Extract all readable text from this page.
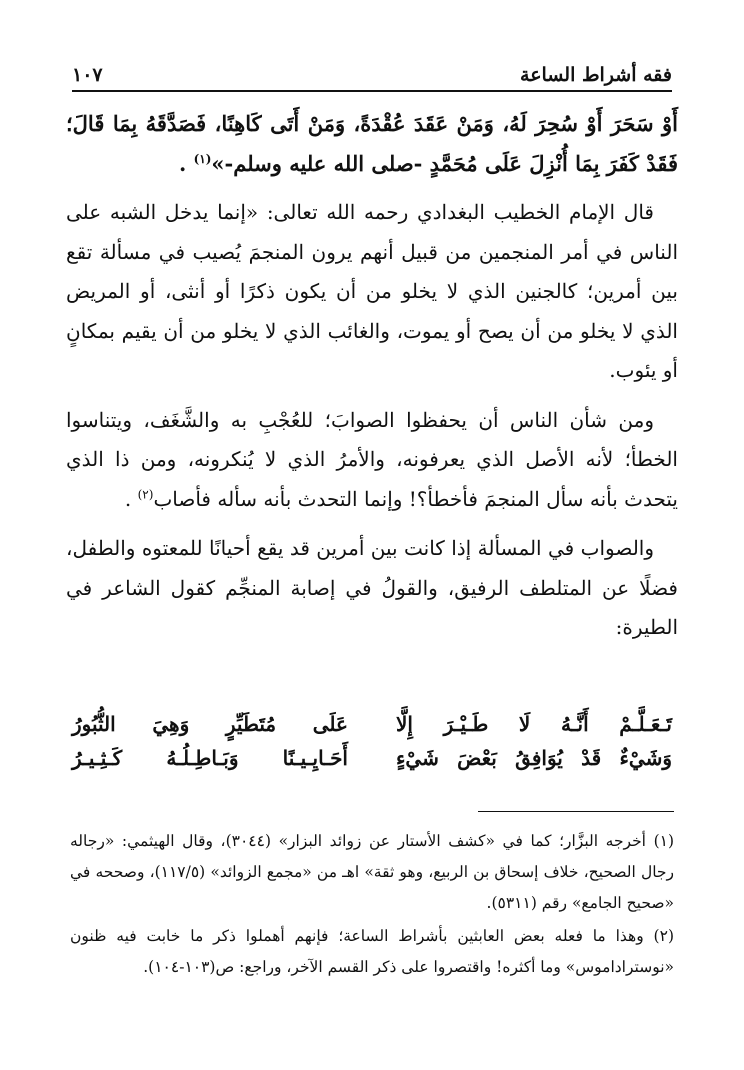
فقه أشراط الساعة
١٠٧

أَوْ سَحَرَ أَوْ سُحِرَ لَهُ، وَمَنْ عَقَدَ عُقْدَةً، وَمَنْ أَتَى كَاهِنًا، فَصَدَّقَهُ بِمَا قَالَ؛ فَقَدْ كَفَرَ بِمَا أُنْزِلَ عَلَى مُحَمَّدٍ -صلى الله عليه وسلم-»$^{(١)}$ .

قال الإمام الخطيب البغدادي رحمه الله تعالى: «إنما يدخل الشبه على الناس في أمر المنجمين من قبيل أنهم يرون المنجمَ يُصيب في مسألة تقع بين أمرين؛ كالجنين الذي لا يخلو من أن يكون ذكرًا أو أنثى، أو المريض الذي لا يخلو من أن يصح أو يموت، والغائب الذي لا يخلو من أن يقيم بمكانٍ أو يئوب.

ومن شأن الناس أن يحفظوا الصوابَ؛ للعُجْبِ به والشَّغَف، ويتناسوا الخطأ؛ لأنه الأصل الذي يعرفونه، والأمرُ الذي لا يُنكرونه، ومن ذا الذي يتحدث بأنه سأل المنجمَ فأخطأ؟! وإنما التحدث بأنه سأله فأصاب$^{(٢)}$ .

والصواب في المسألة إذا كانت بين أمرين قد يقع أحيانًا للمعتوه والطفل، فضلًا عن المتلطف الرفيق، والقولُ في إصابة المنجِّم كقول الشاعر في الطيرة:

تَـعَـلَّـمْ أَنَّـهُ لَا طَـيْـرَ إِلَّا
عَلَى مُتَطَيِّرٍ وَهِيَ الثُّبُورُ
وَشَيْءٌ قَدْ يُوَافِقُ بَعْضَ شَيْءٍ
أَحَـايِـيـنًا وَبَـاطِـلُـهُ كَـثِـيـرُ

(١) أخرجه البزَّار؛ كما في «كشف الأستار عن زوائد البزار» (٣٠٤٤)، وقال الهيثمي: «رجاله رجال الصحيح، خلاف إسحاق بن الربيع، وهو ثقة» اهـ من «مجمع الزوائد» (١١٧/٥)، وصححه في «صحيح الجامع» رقم (٥٣١١).

(٢) وهذا ما فعله بعض العابثين بأشراط الساعة؛ فإنهم أهملوا ذكر ما خابت فيه ظنون «نوستراداموس» وما أكثره! واقتصروا على ذكر القسم الآخر، وراجع: ص(١٠٣-١٠٤).
